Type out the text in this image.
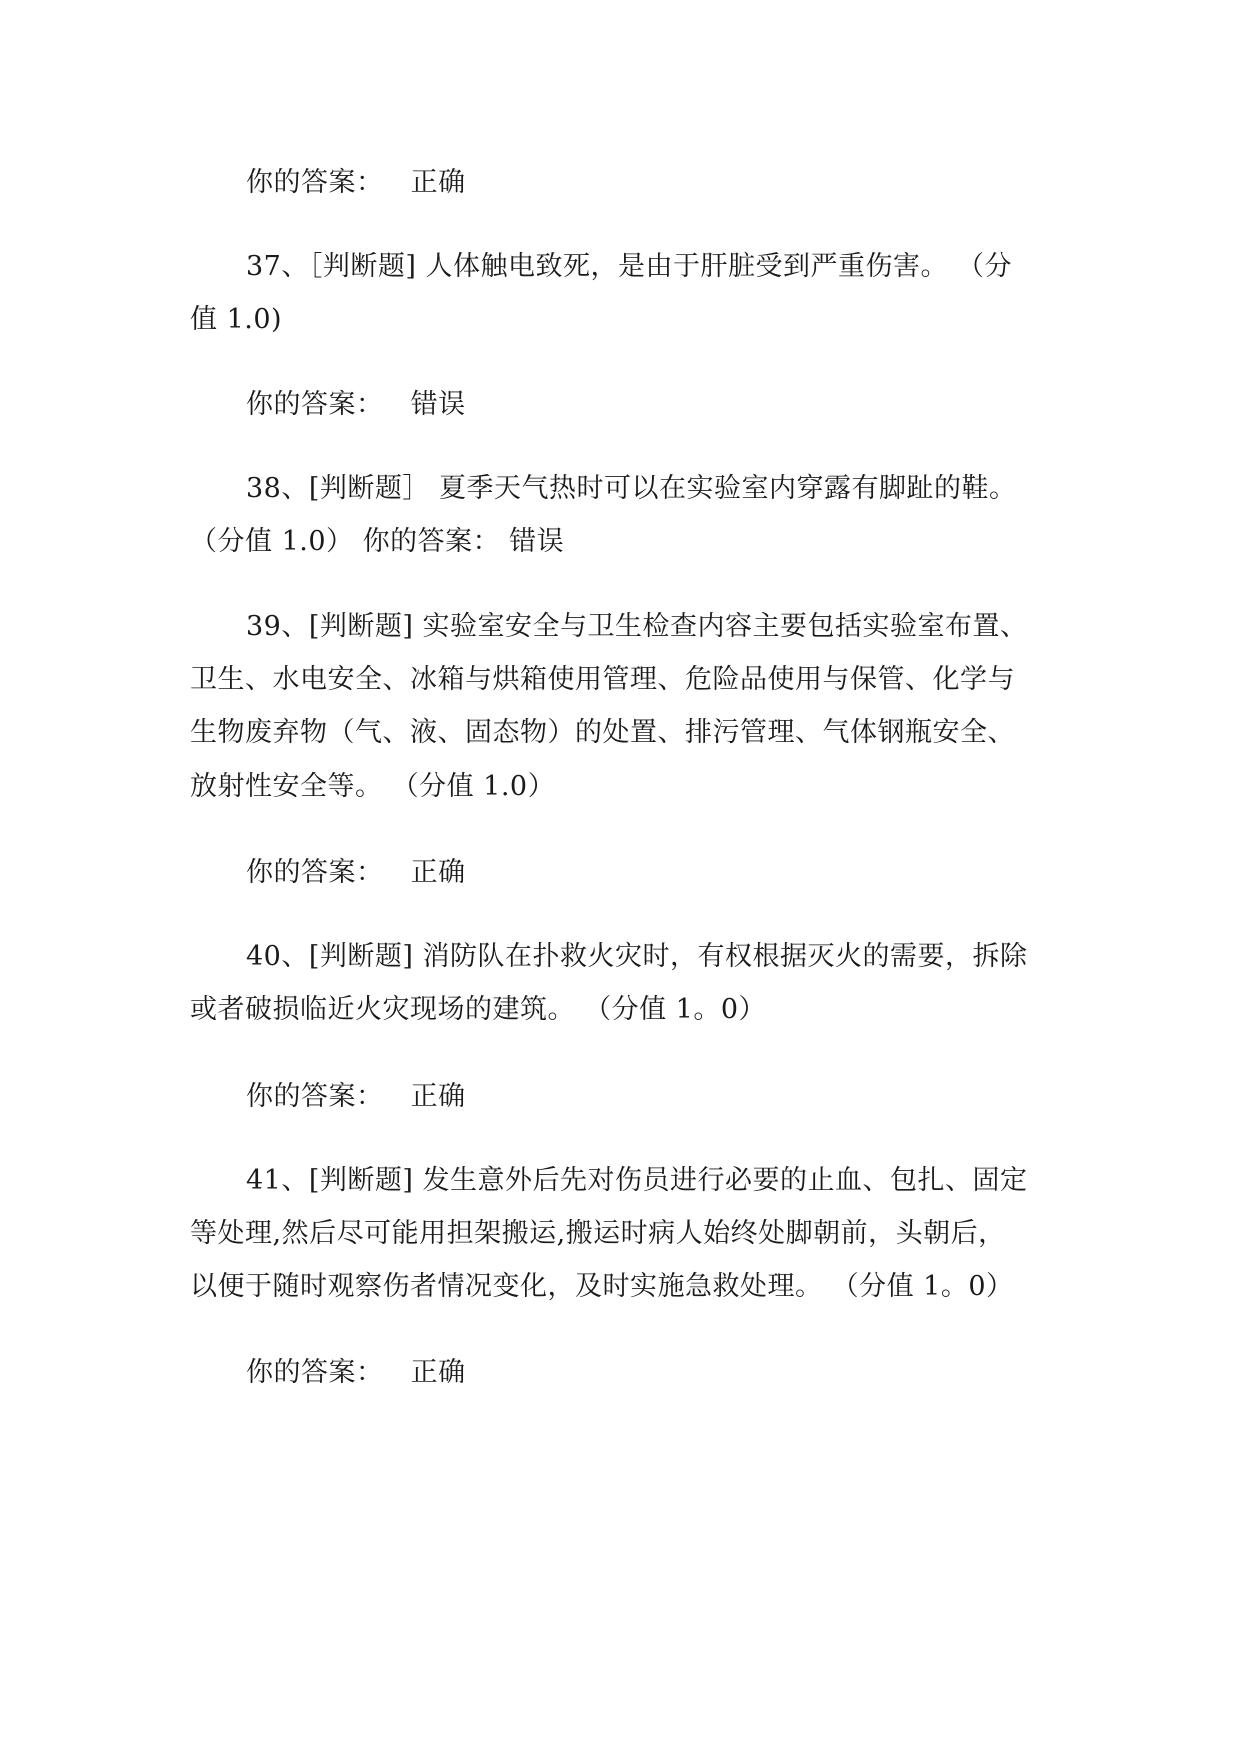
你的答案： 正确
37、［判断题] 人体触电致死，是由于肝脏受到严重伤害。 （分
值 1.0)
你的答案： 错误
38、[判断题］ 夏季天气热时可以在实验室内穿露有脚趾的鞋。
（分值 1.0） 你的答案： 错误
39、[判断题] 实验室安全与卫生检查内容主要包括实验室布置、
卫生、水电安全、冰箱与烘箱使用管理、危险品使用与保管、化学与
生物废弃物（气、液、固态物）的处置、排污管理、气体钢瓶安全、
放射性安全等。 （分值 1.0）
你的答案： 正确
40、[判断题] 消防队在扑救火灾时，有权根据灭火的需要，拆除
或者破损临近火灾现场的建筑。 （分值 1。0）
你的答案： 正确
41、[判断题] 发生意外后先对伤员进行必要的止血、包扎、固定
等处理,然后尽可能用担架搬运,搬运时病人始终处脚朝前，头朝后，
以便于随时观察伤者情况变化，及时实施急救处理。 （分值 1。0）
你的答案： 正确
